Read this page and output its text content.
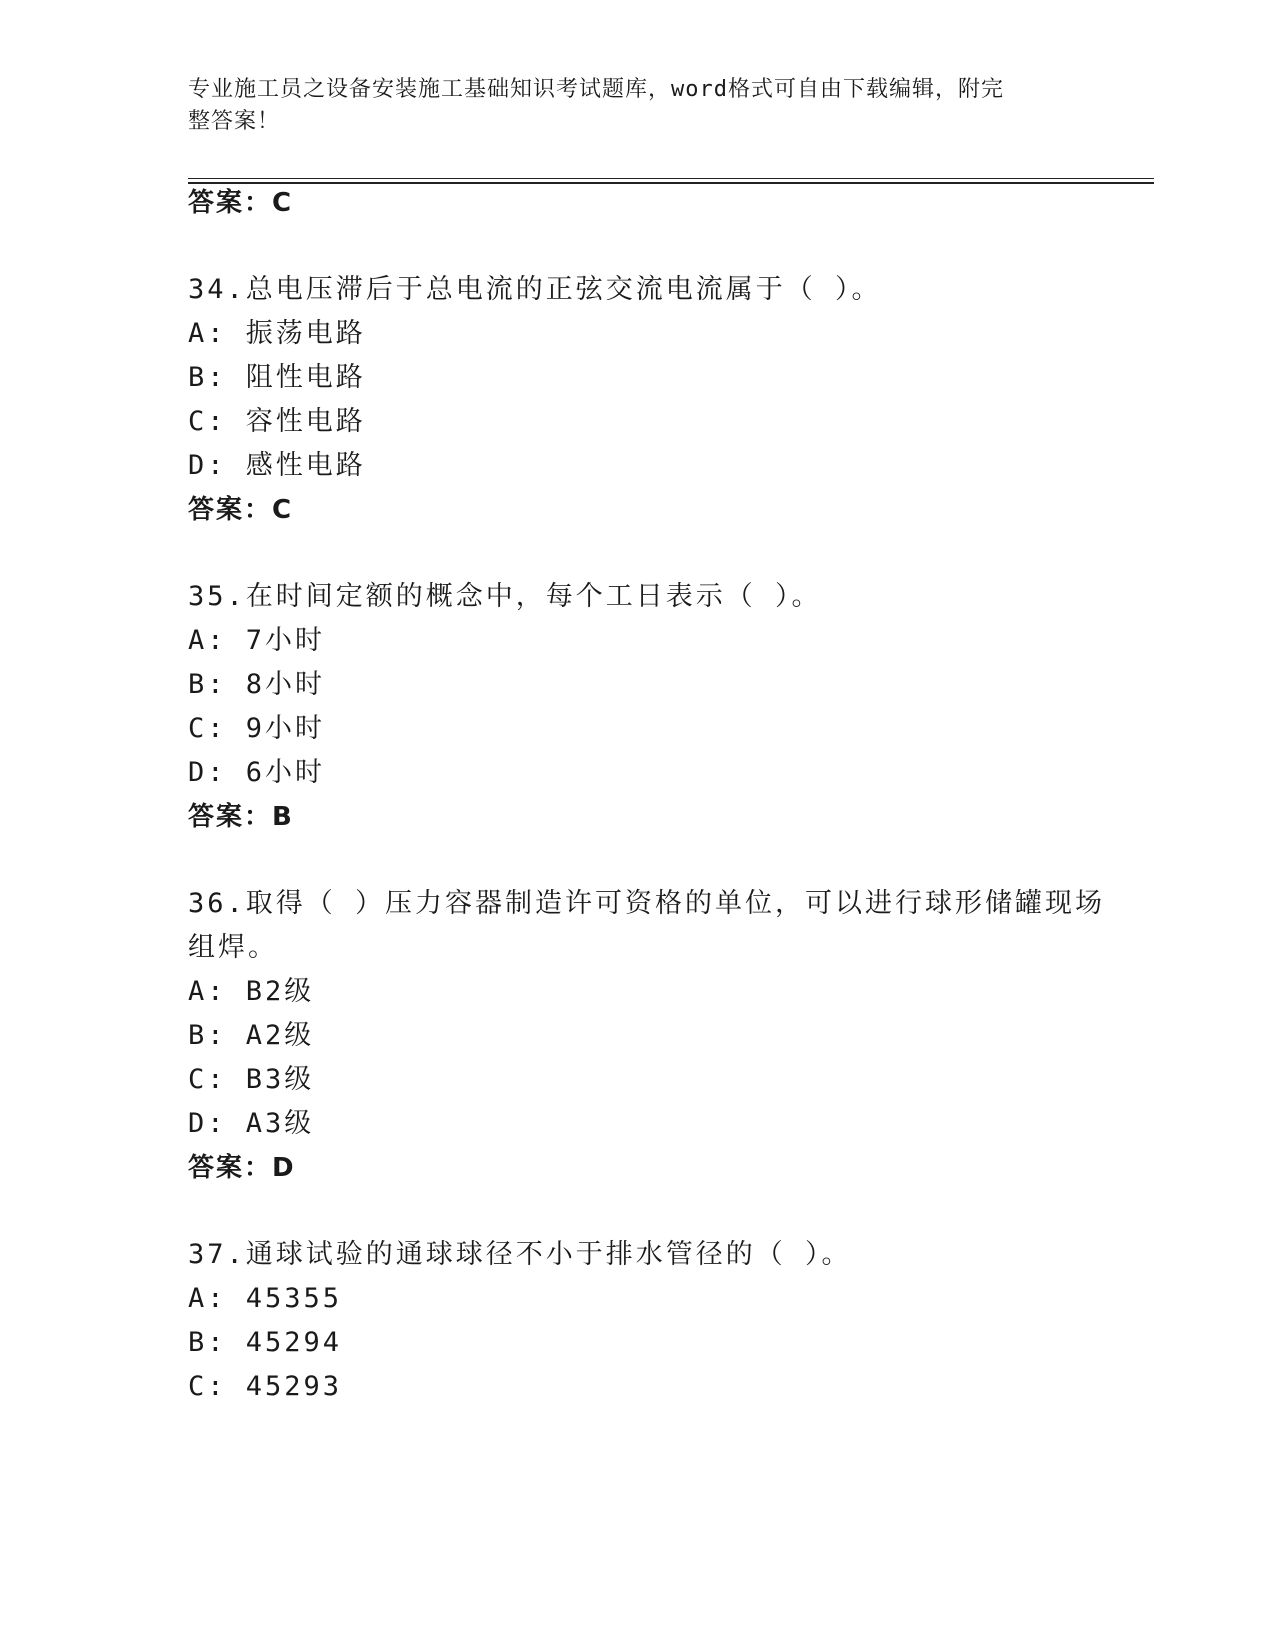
专业施工员之设备安装施工基础知识考试题库，word格式可自由下载编辑，附完
整答案！
答案：C
34.总电压滞后于总电流的正弦交流电流属于（ ）。
A: 振荡电路
B: 阻性电路
C: 容性电路
D: 感性电路
答案：C
35.在时间定额的概念中，每个工日表示（ ）。
A: 7小时
B: 8小时
C: 9小时
D: 6小时
答案：B
36.取得（ ）压力容器制造许可资格的单位，可以进行球形储罐现场
组焊。
A: B2级
B: A2级
C: B3级
D: A3级
答案：D
37.通球试验的通球球径不小于排水管径的（ ）。
A: 45355
B: 45294
C: 45293
